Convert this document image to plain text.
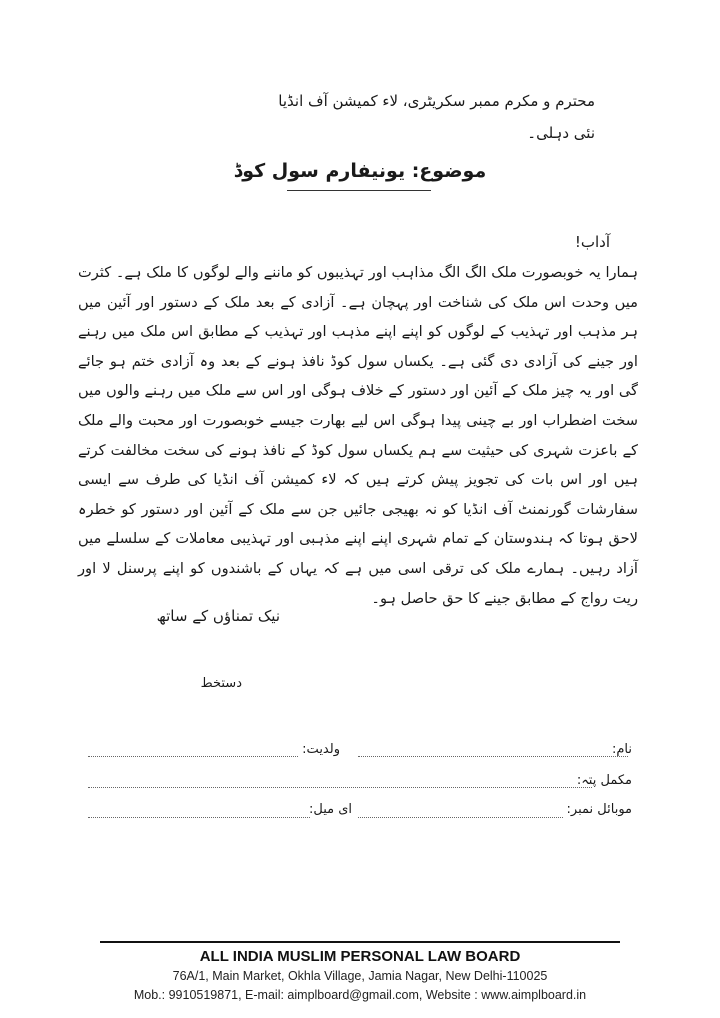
محترم و مکرم ممبر سکریٹری، لاء کمیشن آف انڈیا
نئی دہلی۔
موضوع: یونیفارم سول کوڈ
آداب!
ہمارا یہ خوبصورت ملک الگ الگ مذاہب اور تہذیبوں کو ماننے والے لوگوں کا ملک ہے۔ کثرت میں وحدت اس ملک کی شناخت اور پہچان ہے۔ آزادی کے بعد ملک کے دستور اور آئین میں ہر مذہب اور تہذیب کے لوگوں کو اپنے اپنے مذہب اور تہذیب کے مطابق اس ملک میں رہنے اور جینے کی آزادی دی گئی ہے۔ یکساں سول کوڈ نافذ ہونے کے بعد وہ آزادی ختم ہو جائے گی اور یہ چیز ملک کے آئین اور دستور کے خلاف ہوگی اور اس سے ملک میں رہنے والوں میں سخت اضطراب اور بے چینی پیدا ہوگی اس لیے بھارت جیسے خوبصورت اور محبت والے ملک کے باعزت شہری کی حیثیت سے ہم یکساں سول کوڈ کے نافذ ہونے کی سخت مخالفت کرتے ہیں اور اس بات کی تجویز پیش کرتے ہیں کہ لاء کمیشن آف انڈیا کی طرف سے ایسی سفارشات گورنمنٹ آف انڈیا کو نہ بھیجی جائیں جن سے ملک کے آئین اور دستور کو خطرہ لاحق ہوتا کہ ہندوستان کے تمام شہری اپنے اپنے مذہبی اور تہذیبی معاملات کے سلسلے میں آزاد رہیں۔ ہمارے ملک کی ترقی اسی میں ہے کہ یہاں کے باشندوں کو اپنے پرسنل لا اور ریت رواج کے مطابق جینے کا حق حاصل ہو۔
نیک تمناؤں کے ساتھ
دستخط
نام:
ولدیت:
مکمل پتہ:
موبائل نمبر:
ای میل:
ALL INDIA MUSLIM PERSONAL LAW BOARD
76A/1, Main Market, Okhla Village, Jamia Nagar, New Delhi-110025
Mob.: 9910519871, E-mail: aimplboard@gmail.com, Website : www.aimplboard.in
